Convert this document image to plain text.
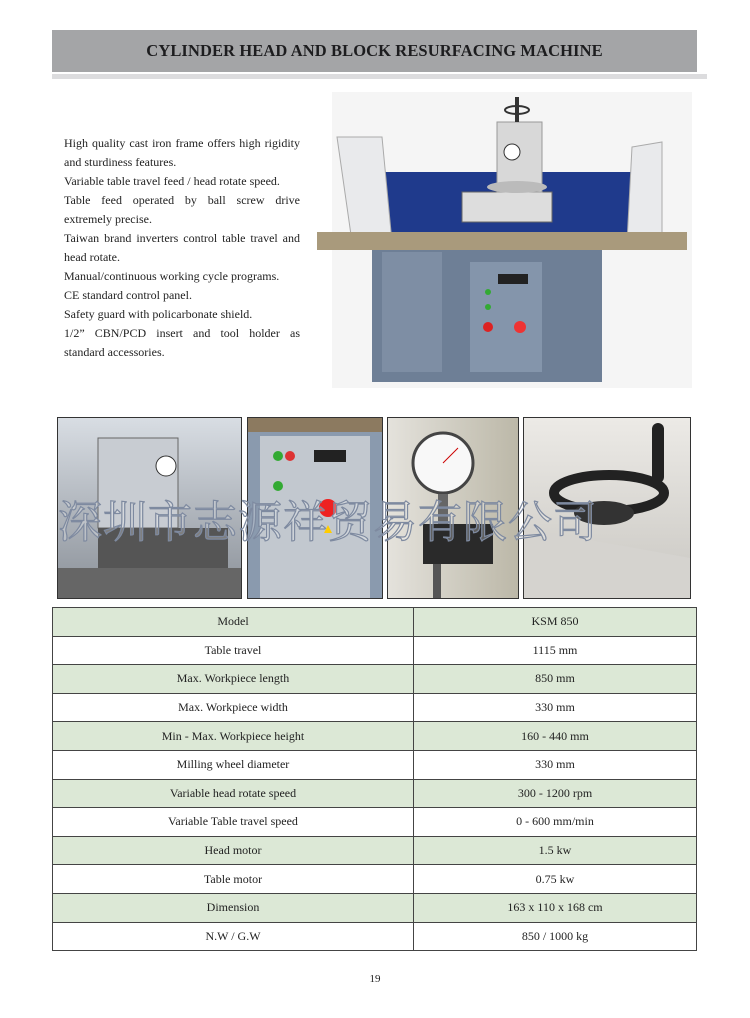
CYLINDER HEAD AND BLOCK RESURFACING MACHINE
High quality cast iron frame offers high rigidity and sturdiness features.
Variable table travel feed / head rotate speed.
Table feed operated by ball screw drive extremely precise.
Taiwan brand inverters control table travel and head rotate.
Manual/continuous working cycle programs.
CE standard control panel.
Safety guard with policarbonate shield.
1/2” CBN/PCD insert and tool holder as standard accessories.
深圳市志源祥贸易有限公司
Model	KSM 850
Table travel	1115 mm
Max. Workpiece length	850 mm
Max. Workpiece width	330 mm
Min - Max. Workpiece height	160 - 440 mm
Milling wheel diameter	330 mm
Variable head rotate speed	300 - 1200 rpm
Variable Table travel speed	0 - 600 mm/min
Head motor	1.5 kw
Table motor	0.75 kw
Dimension	163 x 110 x 168 cm
N.W / G.W	850 / 1000 kg
19
